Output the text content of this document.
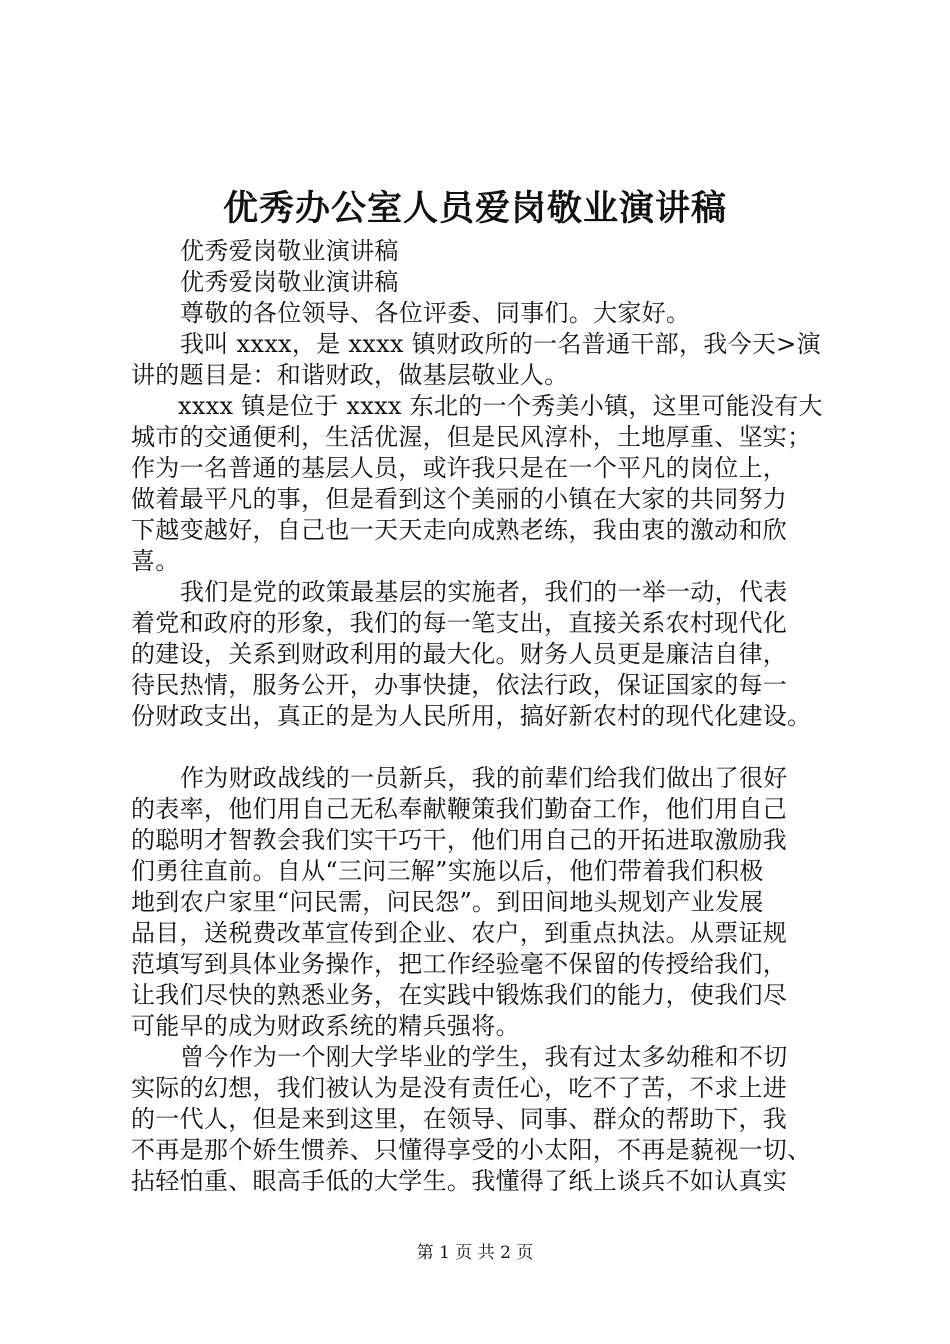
优秀办公室人员爱岗敬业演讲稿
优秀爱岗敬业演讲稿
优秀爱岗敬业演讲稿
尊敬的各位领导、各位评委、同事们。大家好。
我叫 xxxx，是 xxxx 镇财政所的一名普通干部，我今天>演
讲的题目是：和谐财政，做基层敬业人。
xxxx 镇是位于 xxxx 东北的一个秀美小镇，这里可能没有大
城市的交通便利，生活优渥，但是民风淳朴，土地厚重、坚实；
作为一名普通的基层人员，或许我只是在一个平凡的岗位上，
做着最平凡的事，但是看到这个美丽的小镇在大家的共同努力
下越变越好，自己也一天天走向成熟老练，我由衷的激动和欣
喜。
我们是党的政策最基层的实施者，我们的一举一动，代表
着党和政府的形象，我们的每一笔支出，直接关系农村现代化
的建设，关系到财政利用的最大化。财务人员更是廉洁自律，
待民热情，服务公开，办事快捷，依法行政，保证国家的每一
份财政支出，真正的是为人民所用，搞好新农村的现代化建设。
作为财政战线的一员新兵，我的前辈们给我们做出了很好
的表率，他们用自己无私奉献鞭策我们勤奋工作，他们用自己
的聪明才智教会我们实干巧干，他们用自己的开拓进取激励我
们勇往直前。自从“三问三解”实施以后，他们带着我们积极
地到农户家里“问民需，问民怨”。到田间地头规划产业发展
品目，送税费改革宣传到企业、农户，到重点执法。从票证规
范填写到具体业务操作，把工作经验毫不保留的传授给我们，
让我们尽快的熟悉业务，在实践中锻炼我们的能力，使我们尽
可能早的成为财政系统的精兵强将。
曾今作为一个刚大学毕业的学生，我有过太多幼稚和不切
实际的幻想，我们被认为是没有责任心，吃不了苦，不求上进
的一代人，但是来到这里，在领导、同事、群众的帮助下，我
不再是那个娇生惯养、只懂得享受的小太阳，不再是藐视一切、
拈轻怕重、眼高手低的大学生。我懂得了纸上谈兵不如认真实
第 1 页 共 2 页
